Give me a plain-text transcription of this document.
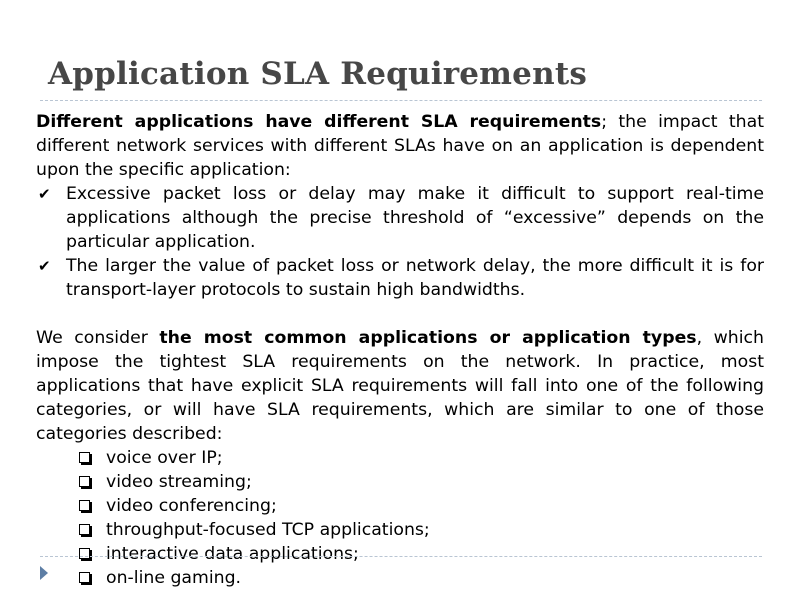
Application SLA Requirements

Different applications have different SLA requirements; the impact that different network services with different SLAs have on an application is dependent upon the specific application:

✔ Excessive packet loss or delay may make it difficult to support real-time applications although the precise threshold of “excessive” depends on the particular application.
✔ The larger the value of packet loss or network delay, the more difficult it is for transport-layer protocols to sustain high bandwidths.

We consider the most common applications or application types, which impose the tightest SLA requirements on the network. In practice, most applications that have explicit SLA requirements will fall into one of the following categories, or will have SLA requirements, which are similar to one of those categories described:

voice over IP;
video streaming;
video conferencing;
throughput-focused TCP applications;
interactive data applications;
on-line gaming.
